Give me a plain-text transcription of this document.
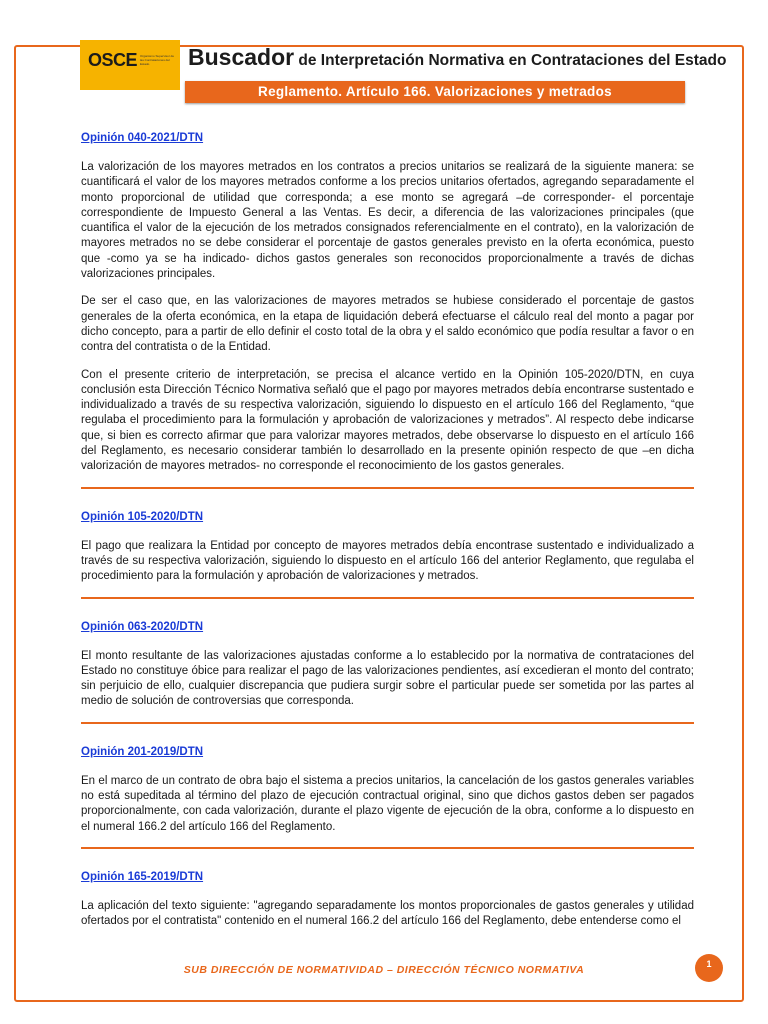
OSCE Organismo Supervisor de las Contrataciones del Estado	Buscador de Interpretación Normativa en Contrataciones del Estado
Reglamento. Artículo 166. Valorizaciones y metrados
Opinión 040-2021/DTN

La valorización de los mayores metrados en los contratos a precios unitarios se realizará de la siguiente manera: se cuantificará el valor de los mayores metrados conforme a los precios unitarios ofertados, agregando separadamente el monto proporcional de utilidad que corresponda; a ese monto se agregará –de corresponder- el porcentaje correspondiente de Impuesto General a las Ventas. Es decir, a diferencia de las valorizaciones principales (que cuantifica el valor de la ejecución de los metrados consignados referencialmente en el contrato), en la valorización de mayores metrados no se debe considerar el porcentaje de gastos generales previsto en la oferta económica, puesto que -como ya se ha indicado- dichos gastos generales son reconocidos proporcionalmente a través de dichas valorizaciones principales.

De ser el caso que, en las valorizaciones de mayores metrados se hubiese considerado el porcentaje de gastos generales de la oferta económica, en la etapa de liquidación deberá efectuarse el cálculo real del monto a pagar por dicho concepto, para a partir de ello definir el costo total de la obra y el saldo económico que podía resultar a favor o en contra del contratista o de la Entidad.

Con el presente criterio de interpretación, se precisa el alcance vertido en la Opinión 105-2020/DTN, en cuya conclusión esta Dirección Técnico Normativa señaló que el pago por mayores metrados debía encontrarse sustentado e individualizado a través de su respectiva valorización, siguiendo lo dispuesto en el artículo 166 del Reglamento, “que regulaba el procedimiento para la formulación y aprobación de valorizaciones y metrados”. Al respecto debe indicarse que, si bien es correcto afirmar que para valorizar mayores metrados, debe observarse lo dispuesto en el artículo 166 del Reglamento, es necesario considerar también lo desarrollado en la presente opinión respecto de que –en dicha valorización de mayores metrados- no corresponde el reconocimiento de los gastos generales.

Opinión 105-2020/DTN

El pago que realizara la Entidad por concepto de mayores metrados debía encontrase sustentado e individualizado a través de su respectiva valorización, siguiendo lo dispuesto en el artículo 166 del anterior Reglamento, que regulaba el procedimiento para la formulación y aprobación de valorizaciones y metrados.

Opinión 063-2020/DTN

El monto resultante de las valorizaciones ajustadas conforme a lo establecido por la normativa de contrataciones del Estado no constituye óbice para realizar el pago de las valorizaciones pendientes, así excedieran el monto del contrato; sin perjuicio de ello, cualquier discrepancia que pudiera surgir sobre el particular puede ser sometida por las partes al medio de solución de controversias que corresponda.

Opinión 201-2019/DTN

En el marco de un contrato de obra bajo el sistema a precios unitarios, la cancelación de los gastos generales variables no está supeditada al término del plazo de ejecución contractual original, sino que dichos gastos deben ser pagados proporcionalmente, con cada valorización, durante el plazo vigente de ejecución de la obra, conforme a lo dispuesto en el numeral 166.2 del artículo 166 del Reglamento.

Opinión 165-2019/DTN

La aplicación del texto siguiente: "agregando separadamente los montos proporcionales de gastos generales y utilidad ofertados por el contratista" contenido en el numeral 166.2 del artículo 166 del Reglamento, debe entenderse como el

SUB DIRECCIÓN DE NORMATIVIDAD – DIRECCIÓN TÉCNICO NORMATIVA	1
